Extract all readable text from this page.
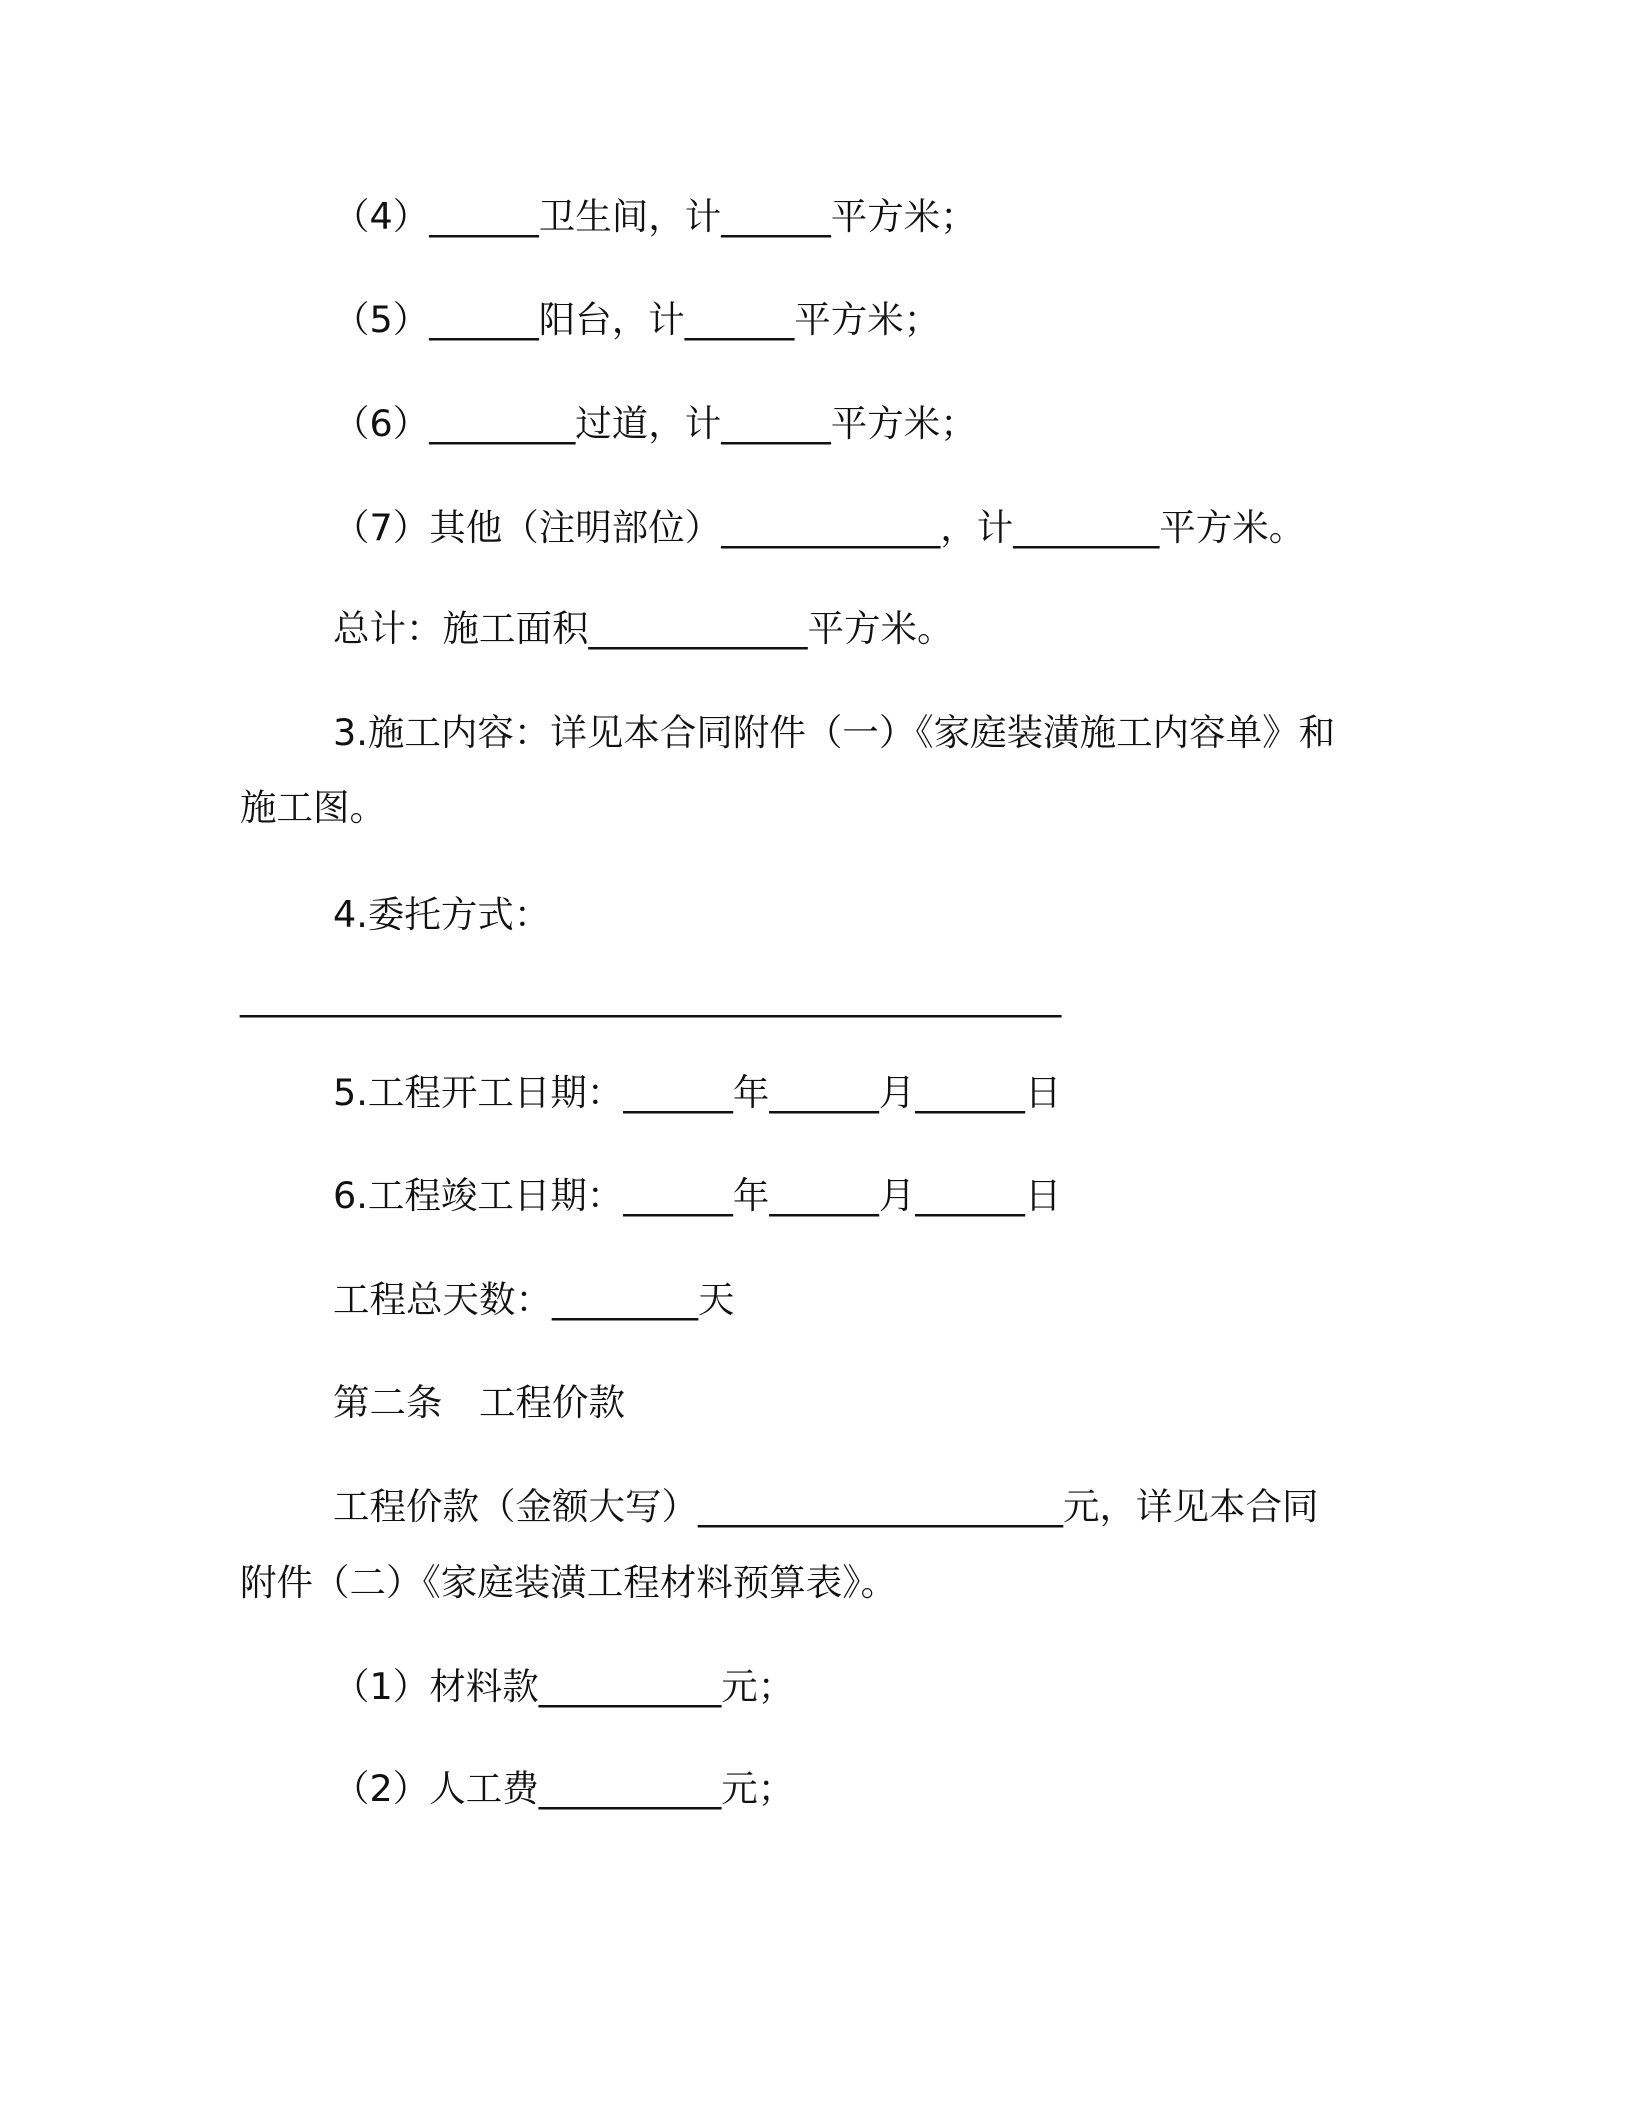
（4）______卫生间，计______平方米；

（5）______阳台，计______平方米；

（6）________过道，计______平方米；

（7）其他（注明部位）____________，计________平方米。

总计：施工面积____________平方米。

3.施工内容：详见本合同附件（一）《家庭装潢施工内容单》和

施工图。

4.委托方式：

_____________________________________________

5.工程开工日期：______年______月______日

6.工程竣工日期：______年______月______日

工程总天数：________天

第二条　工程价款

工程价款（金额大写）____________________元，详见本合同

附件（二）《家庭装潢工程材料预算表》。

（1）材料款__________元；

（2）人工费__________元；
